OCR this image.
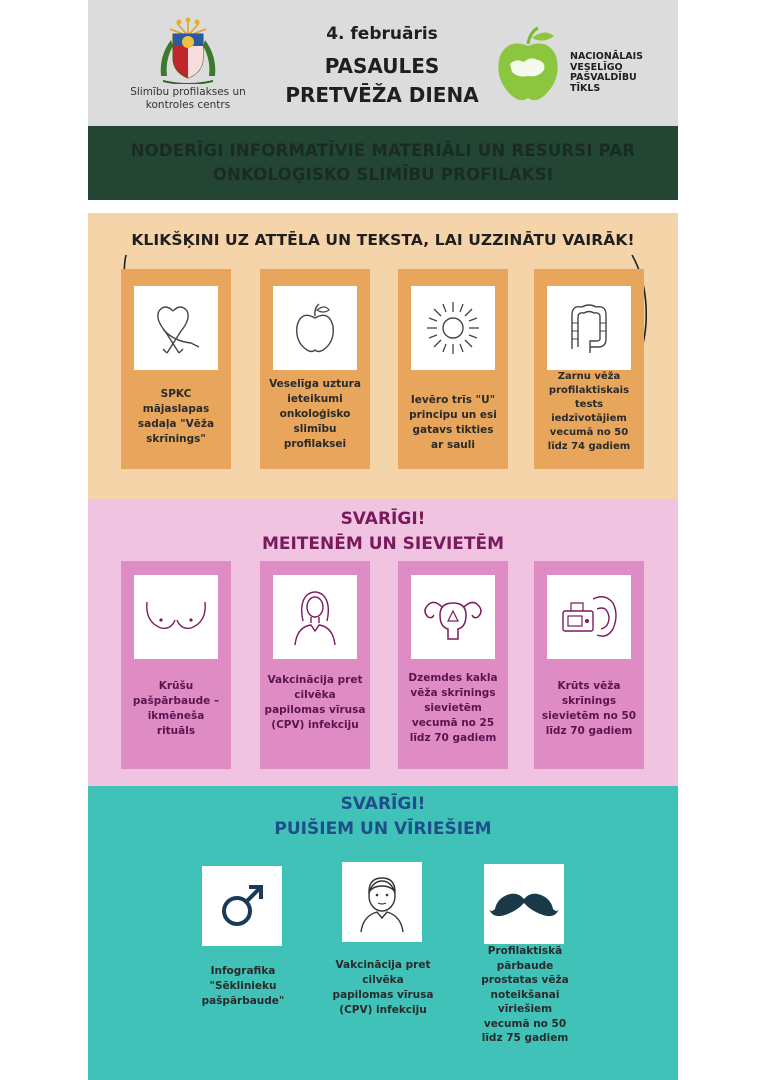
Slimību profilakses un
kontroles centrs
4. februāris
PASAULES
PRETVĒŽA DIENA
NACIONĀLAIS
VESELĪGO
PAŠVALDĪBU
TĪKLS
NODERĪGI INFORMATĪVIE MATERIĀLI UN RESURSI PAR
ONKOLOĢISKO SLIMĪBU PROFILAKSI
KLIKŠĶINI UZ ATTĒLA UN TEKSTA, LAI UZZINĀTU VAIRĀK!
SPKC
mājaslapas
sadaļa "Vēža
skrīnings"
Veselīga uztura
ieteikumi
onkoloģisko
slimību
profilaksei
Ievēro trīs "U"
principu un esi
gatavs tikties
ar sauli
Zarnu vēža
profilaktiskais
tests
iedzīvotājiem
vecumā no 50
līdz 74 gadiem
SVARĪGI!
MEITENĒM UN SIEVIETĒM
Krūšu
pašpārbaude –
ikmēneša
rituāls
Vakcinācija pret
cilvēka
papilomas vīrusa
(CPV) infekciju
Dzemdes kakla
vēža skrīnings
sievietēm
vecumā no 25
līdz 70 gadiem
Krūts vēža
skrīnings
sievietēm no 50
līdz 70 gadiem
SVARĪGI!
PUIŠIEM UN VĪRIEŠIEM
Infografika
"Sēklinieku
pašpārbaude"
Vakcinācija pret
cilvēka
papilomas vīrusa
(CPV) infekciju
Profilaktiskā
pārbaude
prostatas vēža
noteikšanai
vīriešiem
vecumā no 50
līdz 75 gadiem
